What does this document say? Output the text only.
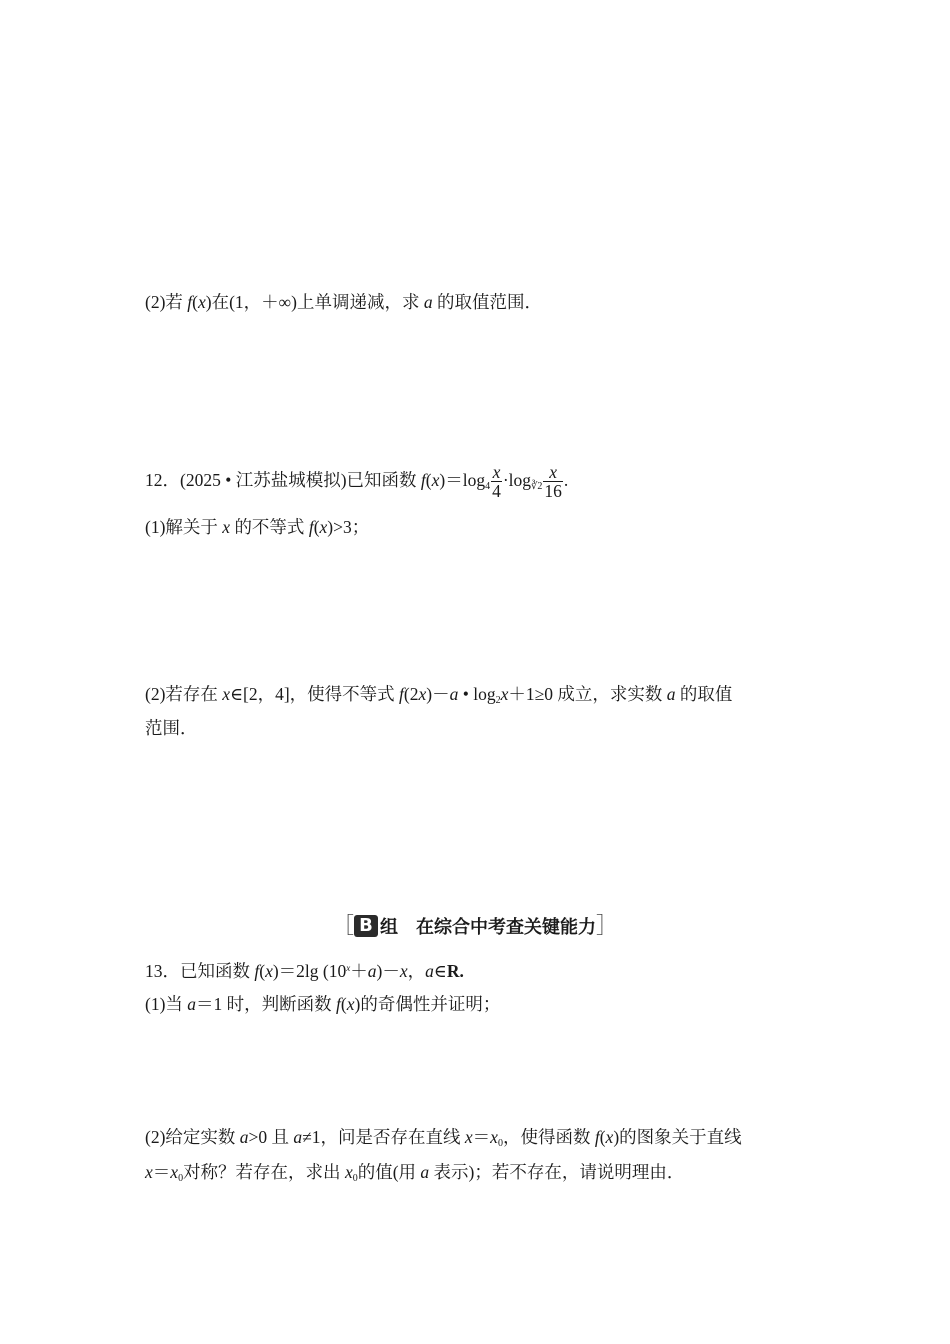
(2)若 f(x)在(1，＋∞)上单调递减，求 a 的取值范围．
12．(2025 • 江苏盐城模拟)已知函数 $f(x)=\log_4 \frac{x}{4} \cdot\log_{∛2} \frac{x}{16}$ .
(1)解关于 x 的不等式 f(x)>3；
(2)若存在 x∈[2，4]，使得不等式 f(2x)－a • $\log_2x+1\ge 0$ 成立，求实数 a 的取值
范围．
［ B 组 在综合中考查关键能力］
13．已知函数 f(x)＝2lg $(10^x+a)-x$，a∈R.
(1)当 a＝1 时，判断函数 f(x)的奇偶性并证明；
(2)给定实数 a>0 且 a≠1，问是否存在直线 $x=x_0$，使得函数 f(x)的图象关于直线
$x=x_0$对称？若存在，求出 $x_0$的值(用 a 表示)；若不存在，请说明理由．
